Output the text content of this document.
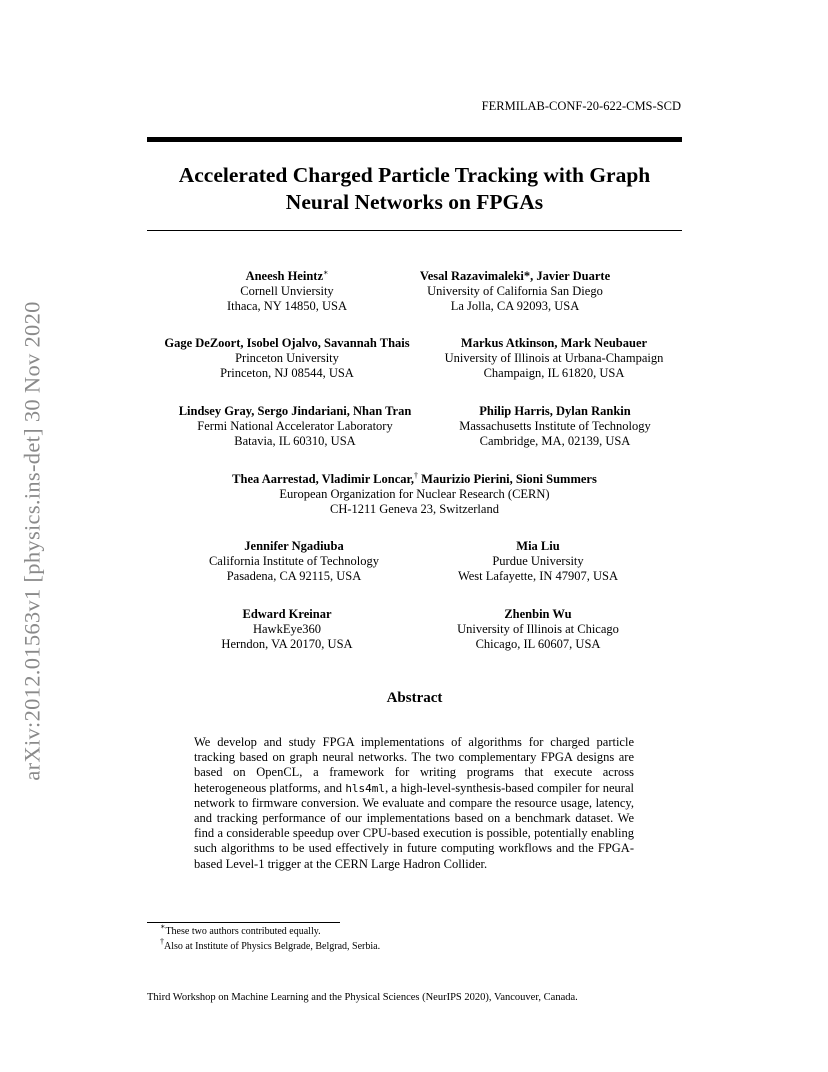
FERMILAB-CONF-20-622-CMS-SCD
Accelerated Charged Particle Tracking with Graph
Neural Networks on FPGAs
arXiv:2012.01563v1 [physics.ins-det] 30 Nov 2020
Aneesh Heintz∗
Cornell Unviersity
Ithaca, NY 14850, USA
Vesal Razavimaleki*, Javier Duarte
University of California San Diego
La Jolla, CA 92093, USA
Gage DeZoort, Isobel Ojalvo, Savannah Thais
Princeton University
Princeton, NJ 08544, USA
Markus Atkinson, Mark Neubauer
University of Illinois at Urbana-Champaign
Champaign, IL 61820, USA
Lindsey Gray, Sergo Jindariani, Nhan Tran
Fermi National Accelerator Laboratory
Batavia, IL 60310, USA
Philip Harris, Dylan Rankin
Massachusetts Institute of Technology
Cambridge, MA, 02139, USA
Thea Aarrestad, Vladimir Loncar,† Maurizio Pierini, Sioni Summers
European Organization for Nuclear Research (CERN)
CH-1211 Geneva 23, Switzerland
Jennifer Ngadiuba
California Institute of Technology
Pasadena, CA 92115, USA
Mia Liu
Purdue University
West Lafayette, IN 47907, USA
Edward Kreinar
HawkEye360
Herndon, VA 20170, USA
Zhenbin Wu
University of Illinois at Chicago
Chicago, IL 60607, USA
Abstract
We develop and study FPGA implementations of algorithms for charged particle tracking based on graph neural networks. The two complementary FPGA designs are based on OpenCL, a framework for writing programs that execute across heterogeneous platforms, and hls4ml, a high-level-synthesis-based compiler for neural network to firmware conversion. We evaluate and compare the resource usage, latency, and tracking performance of our implementations based on a benchmark dataset. We find a considerable speedup over CPU-based execution is possible, potentially enabling such algorithms to be used effectively in future computing workflows and the FPGA-based Level-1 trigger at the CERN Large Hadron Collider.
∗These two authors contributed equally.
†Also at Institute of Physics Belgrade, Belgrad, Serbia.
Third Workshop on Machine Learning and the Physical Sciences (NeurIPS 2020), Vancouver, Canada.
